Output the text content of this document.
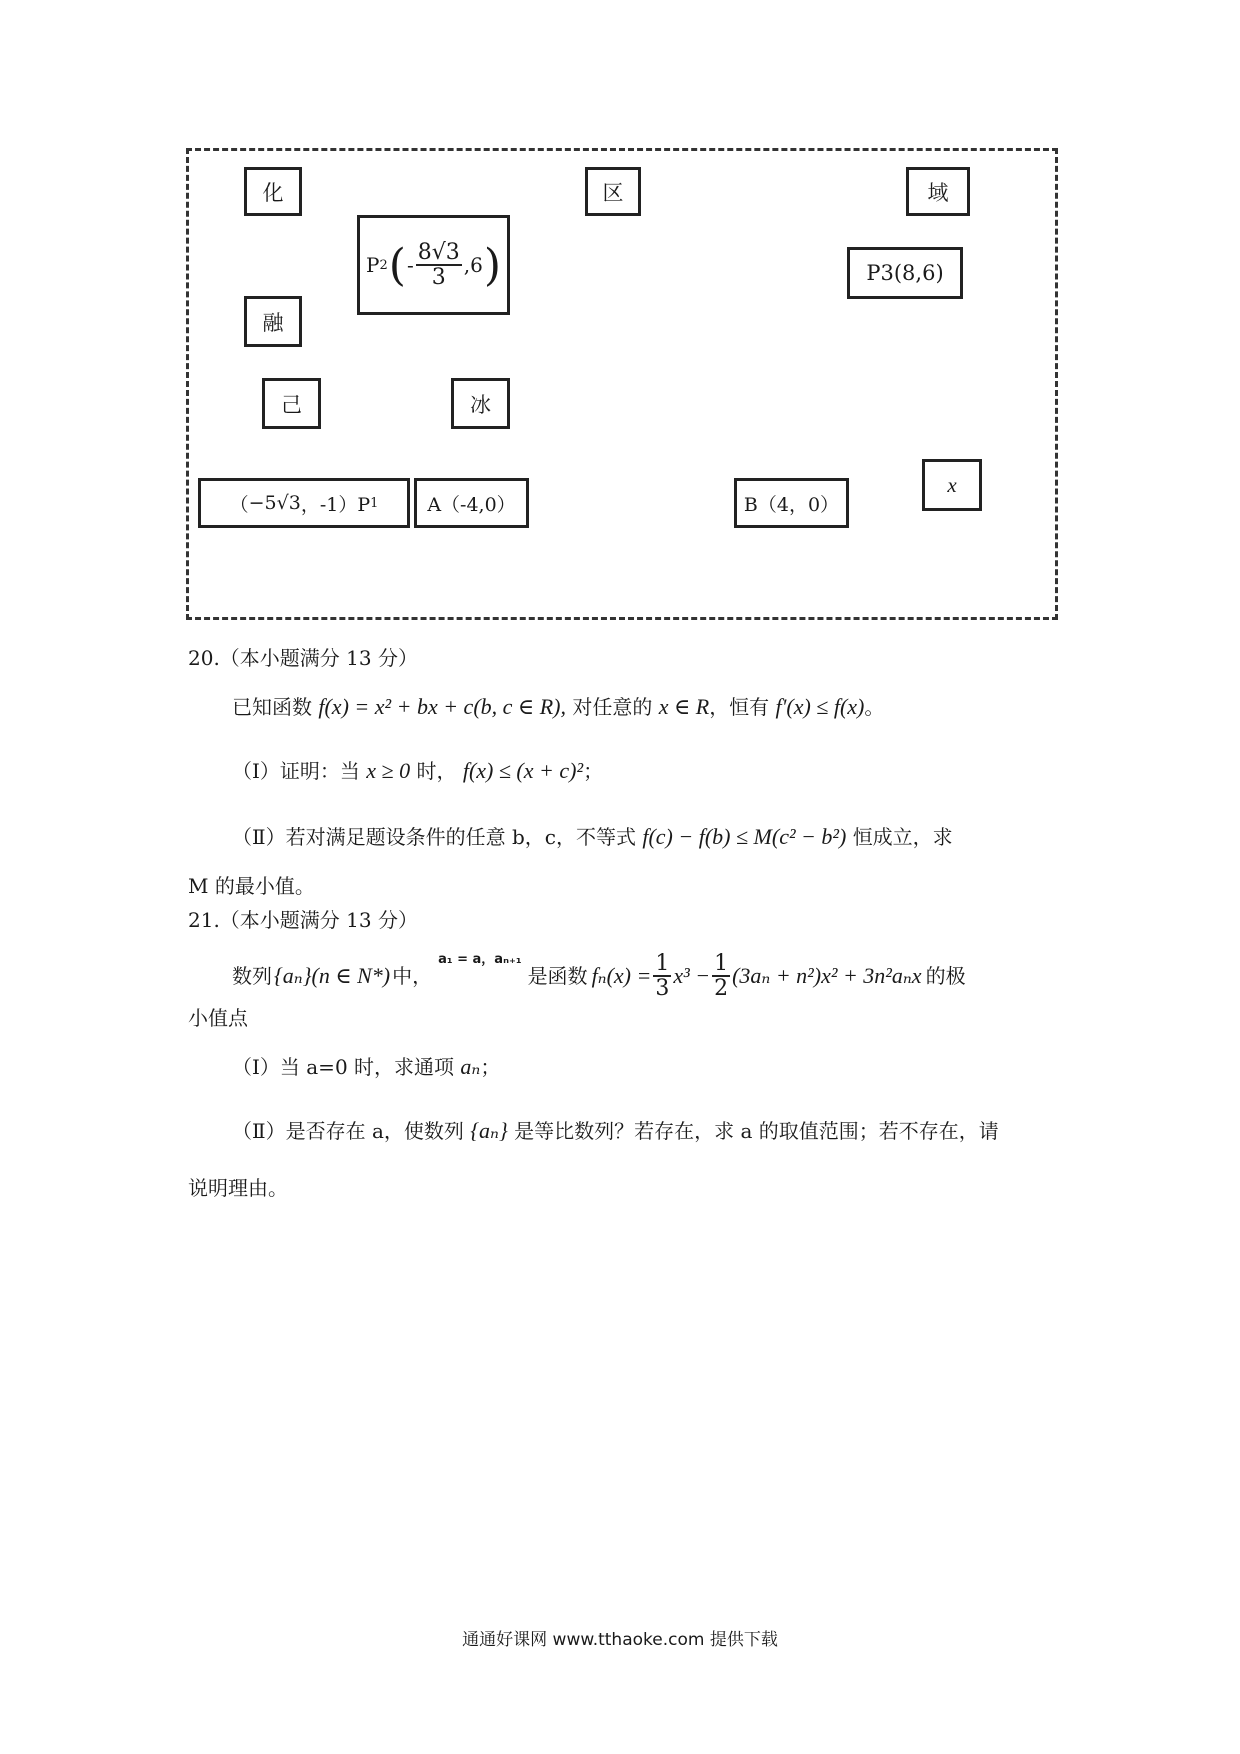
化	区	域
P 2 ( - $\frac{8√3}{3} ,6$ )	P3(8,6)
融
己	冰
x
（ −5√3 ，-1）P 1	A（-4,0）	B（4，0）
20.（本小题满分 13 分）
已知函数 f(x) = x² + bx + c(b, c ∈ R), 对任意的 x ∈ R，恒有 f'(x) ≤ f(x)。
（Ⅰ）证明：当 x ≥ 0 时， f(x) ≤ (x + c)²；
（Ⅱ）若对满足题设条件的任意 b，c，不等式 f(c) − f(b) ≤ M(c² − b²) 恒成立，求
M 的最小值。
21.（本小题满分 13 分）
数列 {aₙ}(n ∈ N*) 中，
a₁ = a，aₙ₊₁
是函数 $f_n(x) = \frac{1}{3} x^3 - \frac{1}{2} (3a_n + n^2)x^2 + 3n^2a_nx$ 的极
小值点
（Ⅰ）当 a=0 时，求通项 aₙ；
（Ⅱ）是否存在 a，使数列 {aₙ} 是等比数列？若存在，求 a 的取值范围；若不存在，请
说明理由。
通通好课网 www.tthaoke.com 提供下载
